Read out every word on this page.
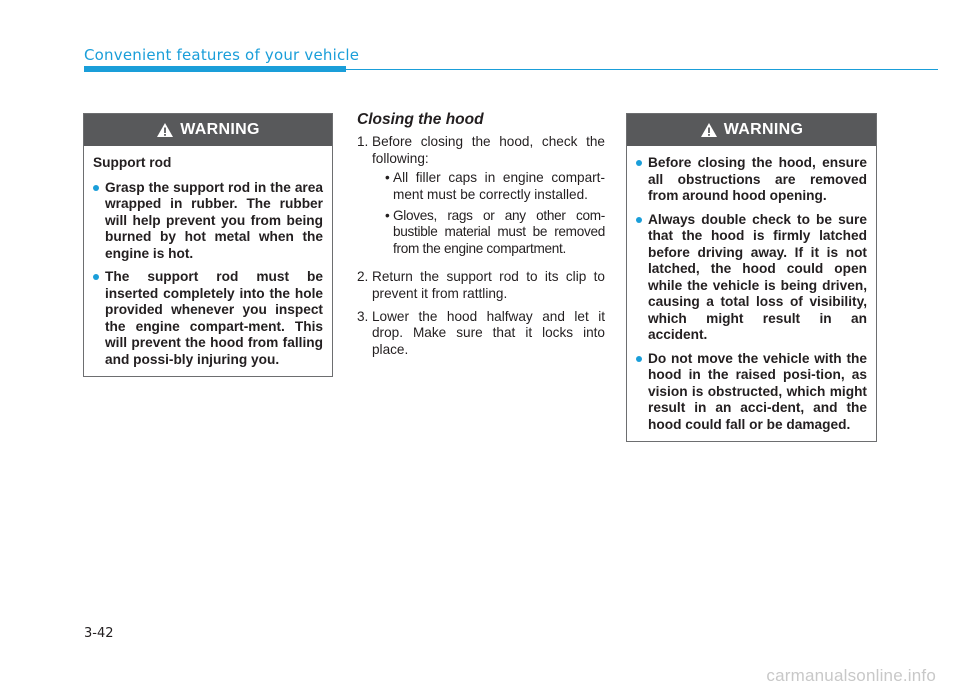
Convenient features of your vehicle
WARNING
Support rod
Grasp the support rod in the area wrapped in rubber. The rubber will help prevent you from being burned by hot metal when the engine is hot.
The support rod must be inserted completely into the hole provided whenever you inspect the engine compart-ment. This will prevent the hood from falling and possi-bly injuring you.
Closing the hood
1. Before closing the hood, check the following:
• All filler caps in engine compart-ment must be correctly installed.
• Gloves, rags or any other com-bustible material must be removed from the engine compartment.
2. Return the support rod to its clip to prevent it from rattling.
3. Lower the hood halfway and let it drop. Make sure that it locks into place.
WARNING
Before closing the hood, ensure all obstructions are removed from around hood opening.
Always double check to be sure that the hood is firmly latched before driving away. If it is not latched, the hood could open while the vehicle is being driven, causing a total loss of visibility, which might result in an accident.
Do not move the vehicle with the hood in the raised posi-tion, as vision is obstructed, which might result in an acci-dent, and the hood could fall or be damaged.
3-42
carmanualsonline.info
